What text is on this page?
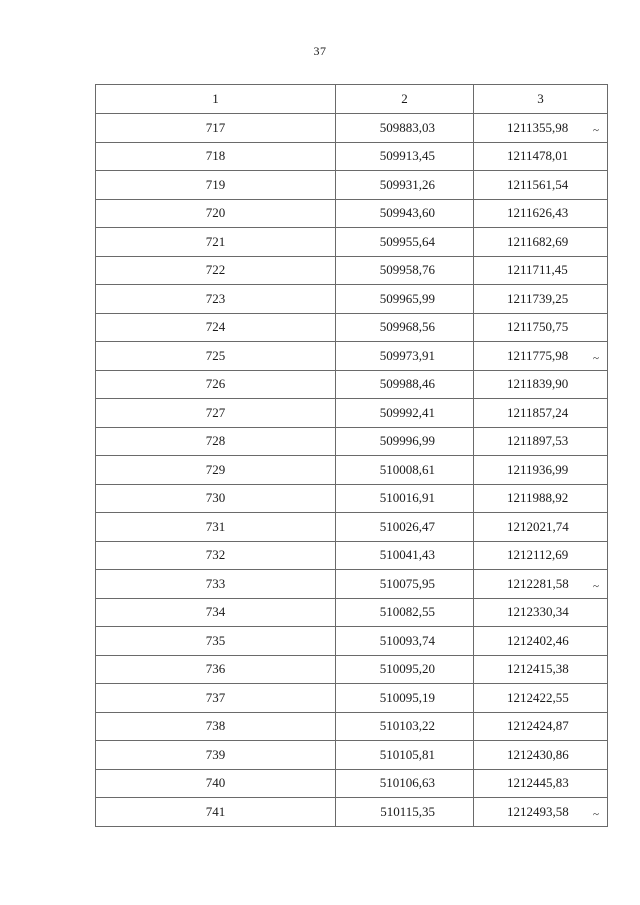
37
1	2	3
717	509883,03	1211355,98 ~

718	509913,45	1211478,01
719	509931,26	1211561,54
720	509943,60	1211626,43
721	509955,64	1211682,69
722	509958,76	1211711,45
723	509965,99	1211739,25
724	509968,56	1211750,75
725	509973,91	1211775,98 ~

726	509988,46	1211839,90
727	509992,41	1211857,24
728	509996,99	1211897,53
729	510008,61	1211936,99
730	510016,91	1211988,92
731	510026,47	1212021,74
732	510041,43	1212112,69
733	510075,95	1212281,58 ~

734	510082,55	1212330,34
735	510093,74	1212402,46
736	510095,20	1212415,38
737	510095,19	1212422,55
738	510103,22	1212424,87
739	510105,81	1212430,86
740	510106,63	1212445,83
741	510115,35	1212493,58 ~
